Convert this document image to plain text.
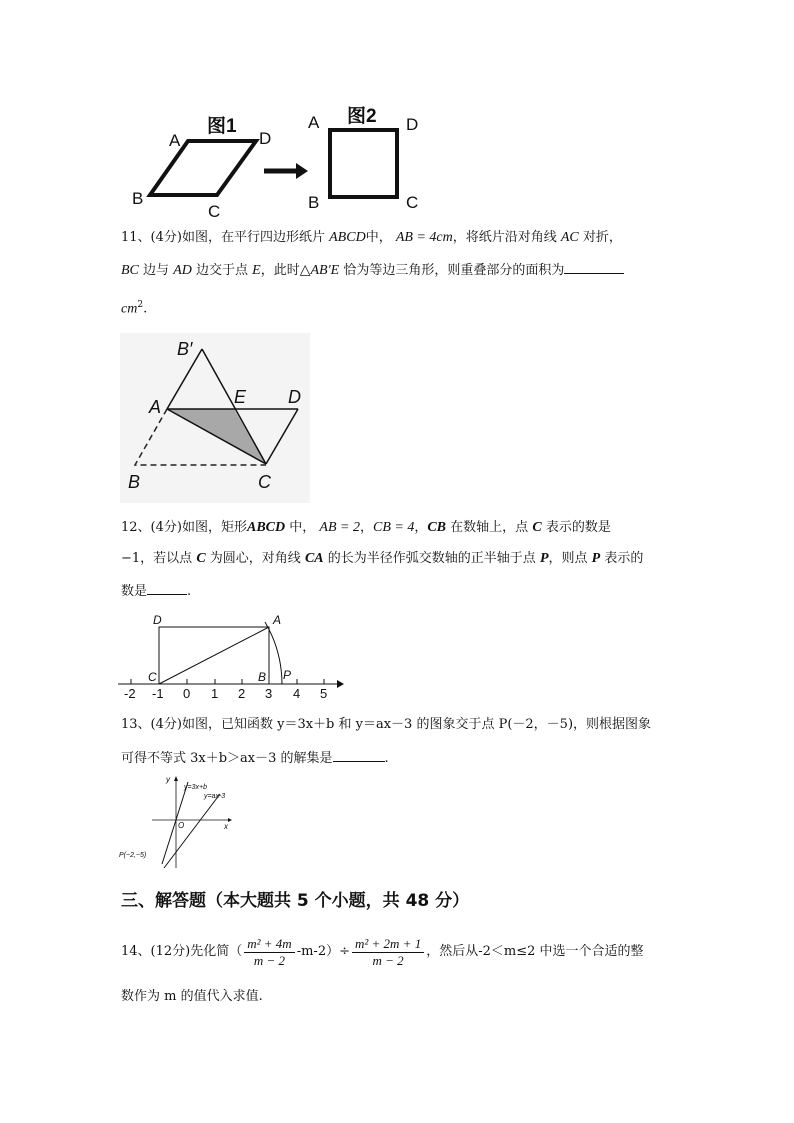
图1
A	D
B
C
图2
A	D
B	C
11、(4分)如图，在平行四边形纸片 ABCD中， AB = 4cm，将纸片沿对角线 AC 对折，
BC 边与 AD 边交于点 E，此时△AB′E 恰为等边三角形，则重叠部分的面积为
$cm^2$.
B′
A	E D
B	C
12、(4分)如图，矩形ABCD 中， AB = 2，CB = 4，CB 在数轴上，点 C 表示的数是
−1，若以点 C 为圆心，对角线 CA 的长为半径作弧交数轴的正半轴于点 P，则点 P 表示的
数是	.
-2 -1 0 1 2 3 4 5
D	A
C	B P
13、(4分)如图，已知函数 y＝3x＋b 和 y＝ax－3 的图象交于点 P(－2，－5)，则根据图象
可得不等式 3x＋b＞ax－3 的解集是	.
y
x
O
y=3x+b
y=ax-3
P(−2,−5)
三、解答题（本大题共 5 个小题，共 48 分）
14、(12分) 先化简（ $\frac{\text{m² + 4m}}{m - 2} -m-2)\div \frac{\text{m² + 2m + 1}}{m - 2}$ ，然后从-2＜m≤2 中选一个合适的整
数作为 m 的值代入求值.
